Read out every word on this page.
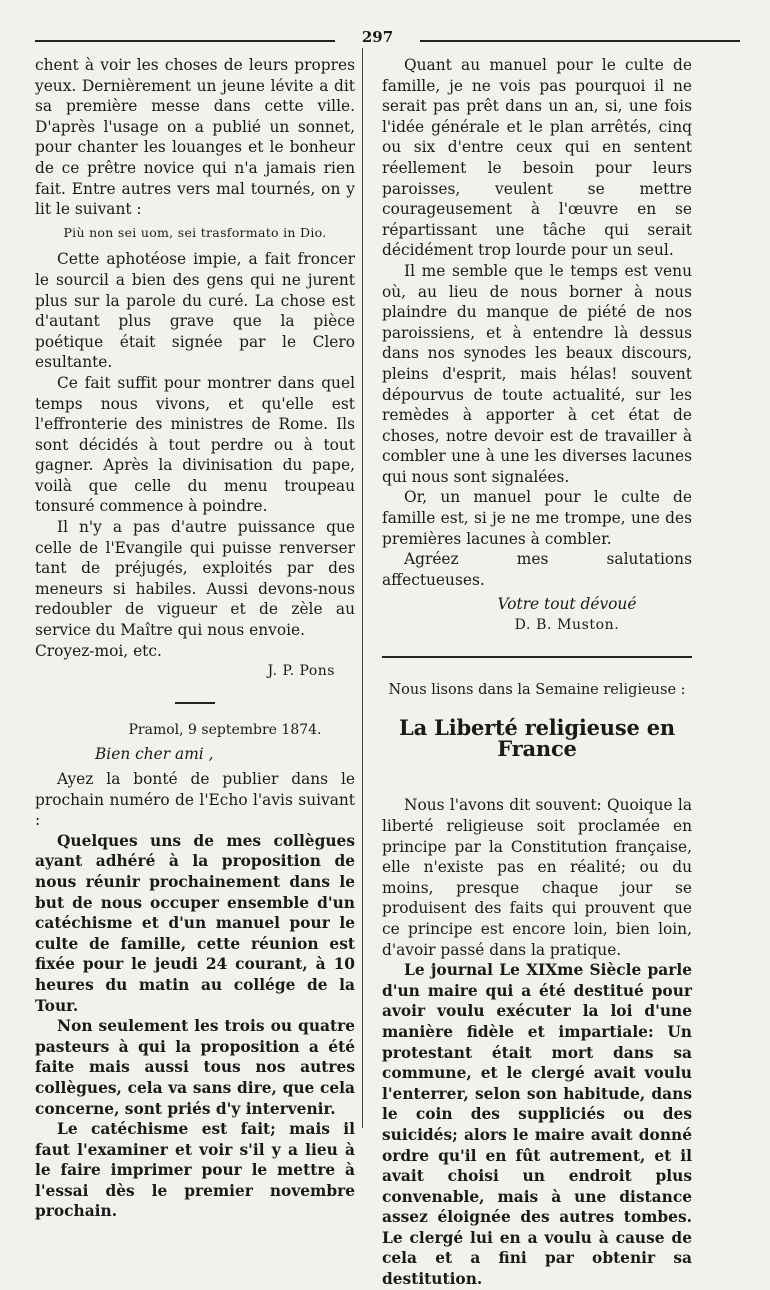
297

chent à voir les choses de leurs propres yeux. Dernièrement un jeune lévite a dit sa première messe dans cette ville. D'après l'usage on a publié un sonnet, pour chanter les louanges et le bonheur de ce prêtre novice qui n'a jamais rien fait. Entre autres vers mal tournés, on y lit le suivant :

Più non sei uom, sei trasformato in Dio.

Cette aphotéose impie, a fait froncer le sourcil a bien des gens qui ne jurent plus sur la parole du curé. La chose est d'autant plus grave que la pièce poétique était signée par le Clero esultante.

Ce fait suffit pour montrer dans quel temps nous vivons, et qu'elle est l'effronterie des ministres de Rome. Ils sont décidés à tout perdre ou à tout gagner. Après la divinisation du pape, voilà que celle du menu troupeau tonsuré commence à poindre.

Il n'y a pas d'autre puissance que celle de l'Evangile qui puisse renverser tant de préjugés, exploités par des meneurs si habiles. Aussi devons-nous redoubler de vigueur et de zèle au service du Maître qui nous envoie.

Croyez-moi, etc.

J. P. Pons

Pramol, 9 septembre 1874.

Bien cher ami ,

Ayez la bonté de publier dans le prochain numéro de l'Echo l'avis suivant :

Quelques uns de mes collègues ayant adhéré à la proposition de nous réunir prochainement dans le but de nous occuper ensemble d'un catéchisme et d'un manuel pour le culte de famille, cette réunion est fixée pour le jeudi 24 courant, à 10 heures du matin au collége de la Tour.

Non seulement les trois ou quatre pasteurs à qui la proposition a été faite mais aussi tous nos autres collègues, cela va sans dire, que cela concerne, sont priés d'y intervenir.

Le catéchisme est fait; mais il faut l'examiner et voir s'il y a lieu à le faire imprimer pour le mettre à l'essai dès le premier novembre prochain.

Quant au manuel pour le culte de famille, je ne vois pas pourquoi il ne serait pas prêt dans un an, si, une fois l'idée générale et le plan arrêtés, cinq ou six d'entre ceux qui en sentent réellement le besoin pour leurs paroisses, veulent se mettre courageusement à l'œuvre en se répartissant une tâche qui serait décidément trop lourde pour un seul.

Il me semble que le temps est venu où, au lieu de nous borner à nous plaindre du manque de piété de nos paroissiens, et à entendre là dessus dans nos synodes les beaux discours, pleins d'esprit, mais hélas! souvent dépourvus de toute actualité, sur les remèdes à apporter à cet état de choses, notre devoir est de travailler à combler une à une les diverses lacunes qui nous sont signalées.

Or, un manuel pour le culte de famille est, si je ne me trompe, une des premières lacunes à combler.

Agréez mes salutations affectueuses.

Votre tout dévoué

D. B. Muston.

Nous lisons dans la Semaine religieuse :

La Liberté religieuse en France

Nous l'avons dit souvent: Quoique la liberté religieuse soit proclamée en principe par la Constitution française, elle n'existe pas en réalité; ou du moins, presque chaque jour se produisent des faits qui prouvent que ce principe est encore loin, bien loin, d'avoir passé dans la pratique.

Le journal Le XIXme Siècle parle d'un maire qui a été destitué pour avoir voulu exécuter la loi d'une manière fidèle et impartiale: Un protestant était mort dans sa commune, et le clergé avait voulu l'enterrer, selon son habitude, dans le coin des suppliciés ou des suicidés; alors le maire avait donné ordre qu'il en fût autrement, et il avait choisi un endroit plus convenable, mais à une distance assez éloignée des autres tombes. Le clergé lui en a voulu à cause de cela et a fini par obtenir sa destitution.
